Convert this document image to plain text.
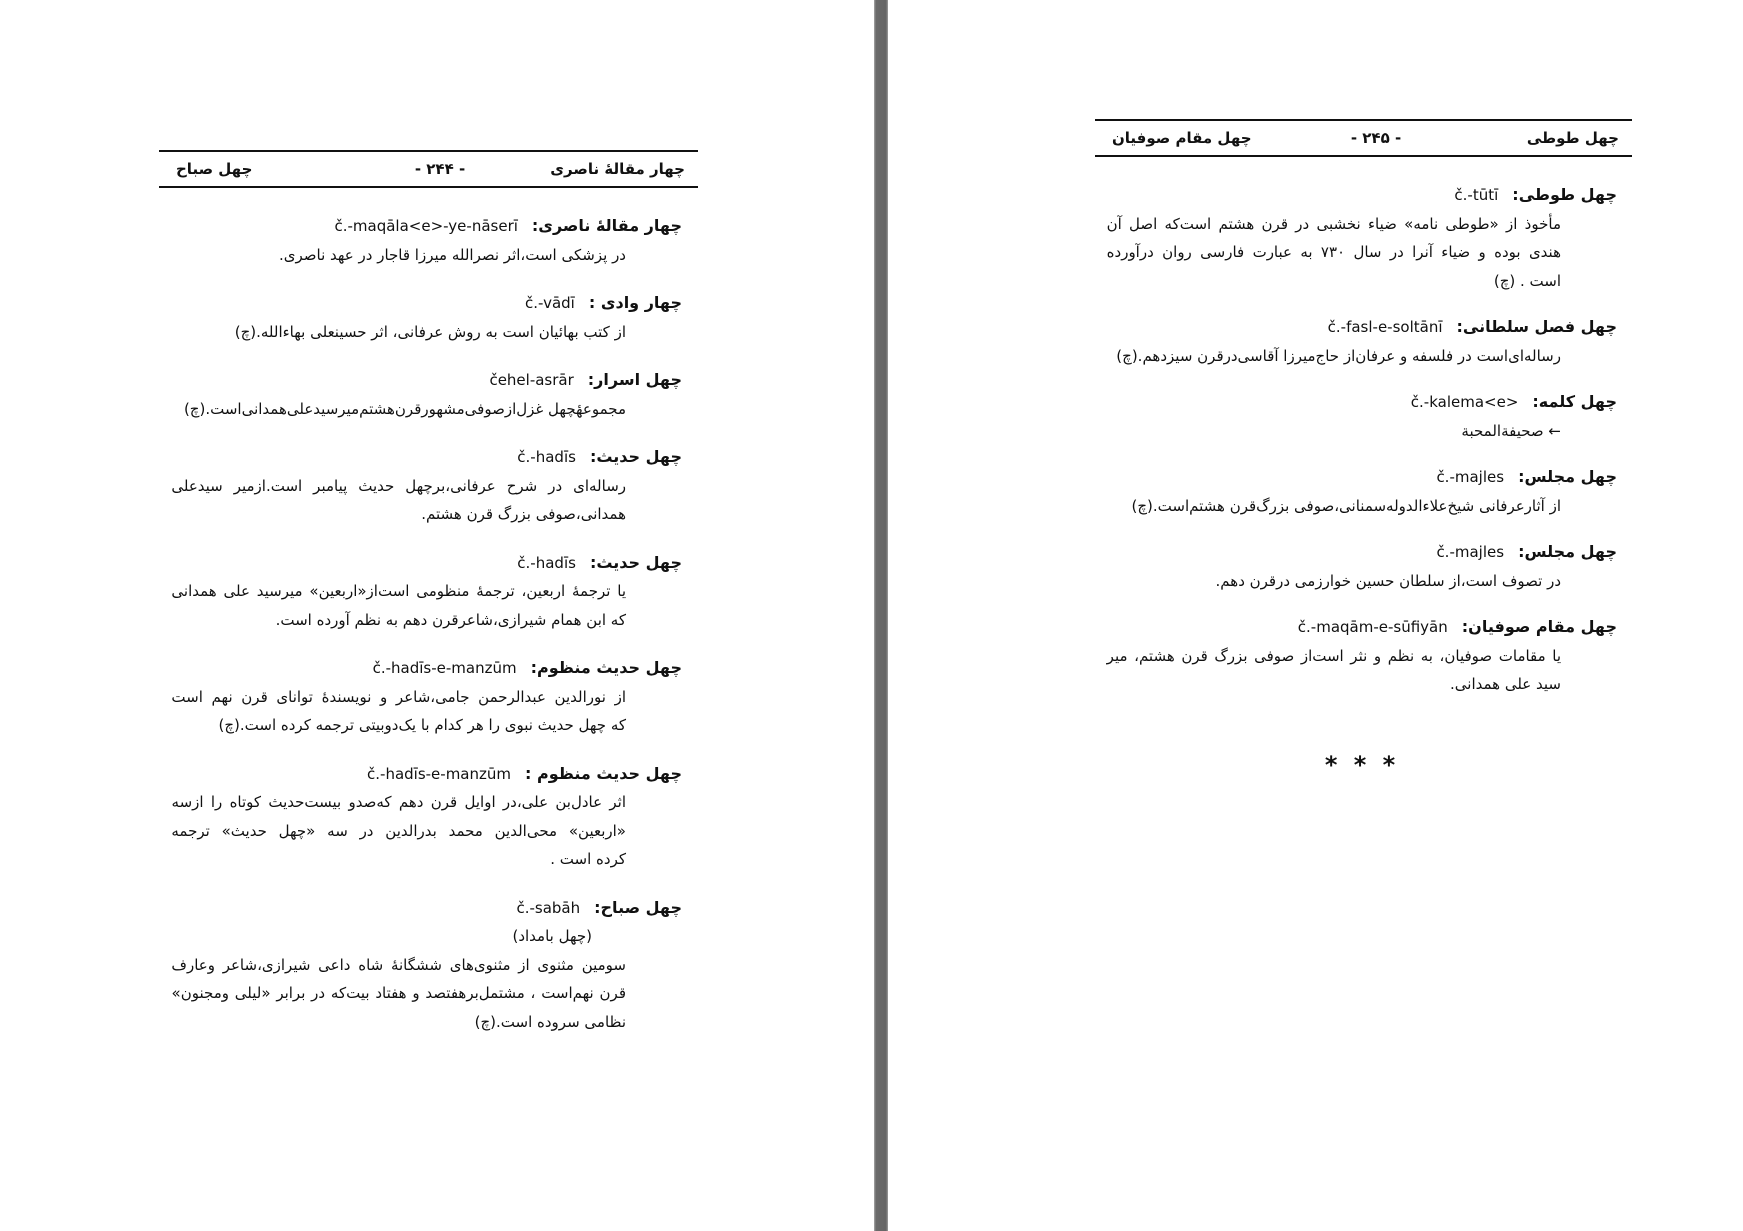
چهار مقالهٔ ناصری
- ۲۴۴ -
چهل صباح
چهار مقالهٔ ناصری:č.-maqāla<e>-ye-nāserī
در پزشکی است،اثر نصرالله میرزا قاجار در عهد ناصری.
چهار وادی :č.-vādī
از کتب بهائیان است به روش عرفانی، اثر حسینعلی بهاءالله.(چ)
چهل اسرار:čehel-asrār
مجموعهٔچهل غزل‌ازصوفی‌مشهورقرن‌هشتم‌میرسیدعلی‌همدانی‌است.(چ)
چهل حدیث:č.-hadīs
رساله‌ای در شرح عرفانی،برچهل حدیث پیامبر است.ازمیر سیدعلی
همدانی،صوفی بزرگ قرن هشتم.
چهل حدیث:č.-hadīs
یا ترجمهٔ اربعین، ترجمهٔ منظومی است‌از«اربعین» میرسید علی همدانی
که ابن همام شیرازی،شاعرقرن دهم به نظم آورده است.
چهل حدیث منظوم:č.-hadīs-e-manzūm
از نورالدین عبدالرحمن جامی،شاعر و نویسندهٔ توانای قرن نهم است
که چهل حدیث نبوی را هر کدام با یک‌دوبیتی ترجمه کرده است.(چ)
چهل حدیث منظوم :č.-hadīs-e-manzūm
اثر عادل‌بن علی،در اوایل قرن دهم که‌صدو بیست‌حدیث کوتاه را ازسه
«اربعین» محی‌الدین محمد بدرالدین در سه «چهل حدیث» ترجمه
کرده است .
چهل صباح:č.-sabāh
(چهل بامداد)
سومین مثنوی از مثنوی‌های ششگانهٔ شاه داعی شیرازی،شاعر وعارف
قرن نهم‌است ، مشتمل‌برهفتصد و هفتاد بیت‌که در برابر «لیلی ومجنون»
نظامی سروده است.(چ)
چهل طوطی
- ۲۴۵ -
چهل مقام صوفیان
چهل طوطی:č.-tūtī
مأخوذ از «طوطی نامه» ضیاء نخشبی در قرن هشتم است‌که اصل آن
هندی بوده و ضیاء آنرا در سال ۷۳۰ به عبارت فارسی روان درآورده
است . (چ)
چهل فصل سلطانی:č.-fasl-e-soltānī
رساله‌ای‌است در فلسفه و عرفان‌از حاج‌میرزا آقاسی‌درقرن سیزدهم.(چ)
چهل کلمه:č.-kalema<e>
← صحیفةالمحبة
چهل مجلس:č.-majles
از آثارعرفانی شیخ‌علاءالدوله‌سمنانی،صوفی بزرگ‌قرن هشتم‌است.(چ)
چهل مجلس:č.-majles
در تصوف است،از سلطان حسین خوارزمی درقرن دهم.
چهل مقام صوفیان:č.-maqām-e-sūfiyān
یا مقامات صوفیان، به نظم و نثر است‌از صوفی بزرگ قرن هشتم، میر
سید علی همدانی.
* * *
